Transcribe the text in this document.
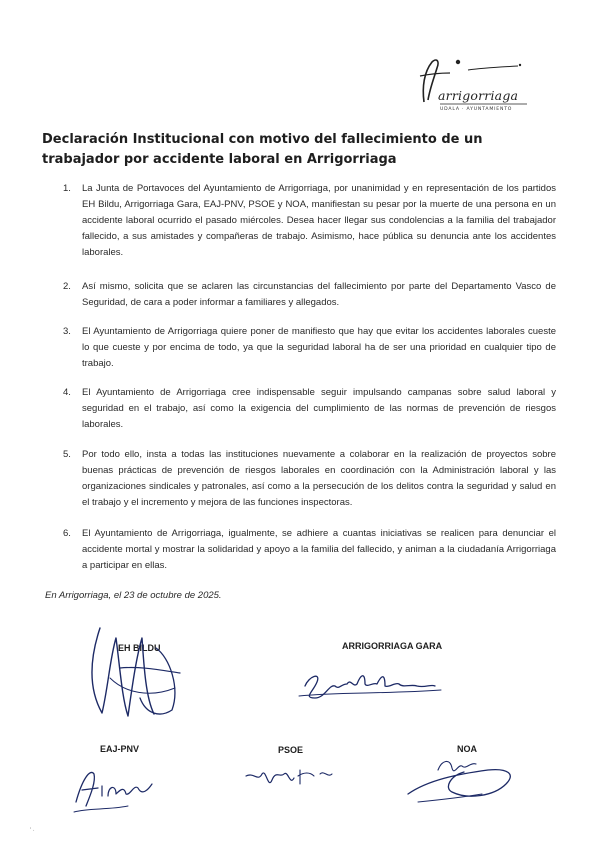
arrigorriaga
UDALA · AYUNTAMIENTO
Declaración Institucional con motivo del fallecimiento de un trabajador por accidente laboral en Arrigorriaga
1. La Junta de Portavoces del Ayuntamiento de Arrigorriaga, por unanimidad y en representación de los partidos EH Bildu, Arrigorriaga Gara, EAJ-PNV, PSOE y NOA, manifiestan su pesar por la muerte de una persona en un accidente laboral ocurrido el pasado miércoles. Desea hacer llegar sus condolencias a la familia del trabajador fallecido, a sus amistades y compañeras de trabajo. Asimismo, hace pública su denuncia ante los accidentes laborales.
2. Así mismo, solicita que se aclaren las circunstancias del fallecimiento por parte del Departamento Vasco de Seguridad, de cara a poder informar a familiares y allegados.
3. El Ayuntamiento de Arrigorriaga quiere poner de manifiesto que hay que evitar los accidentes laborales cueste lo que cueste y por encima de todo, ya que la seguridad laboral ha de ser una prioridad en cualquier tipo de trabajo.
4. El Ayuntamiento de Arrigorriaga cree indispensable seguir impulsando campanas sobre salud laboral y seguridad en el trabajo, así como la exigencia del cumplimiento de las normas de prevención de riesgos laborales.
5. Por todo ello, insta a todas las instituciones nuevamente a colaborar en la realización de proyectos sobre buenas prácticas de prevención de riesgos laborales en coordinación con la Administración laboral y las organizaciones sindicales y patronales, así como a la persecución de los delitos contra la seguridad y salud en el trabajo y el incremento y mejora de las funciones inspectoras.
6. El Ayuntamiento de Arrigorriaga, igualmente, se adhiere a cuantas iniciativas se realicen para denunciar el accidente mortal y mostrar la solidaridad y apoyo a la familia del fallecido, y animan a la ciudadanía Arrigorriaga a participar en ellas.
En Arrigorriaga, el 23 de octubre de 2025.
EH BILDU	ARRIGORRIAGA GARA
EAJ-PNV	PSOE	NOA
’ ·
